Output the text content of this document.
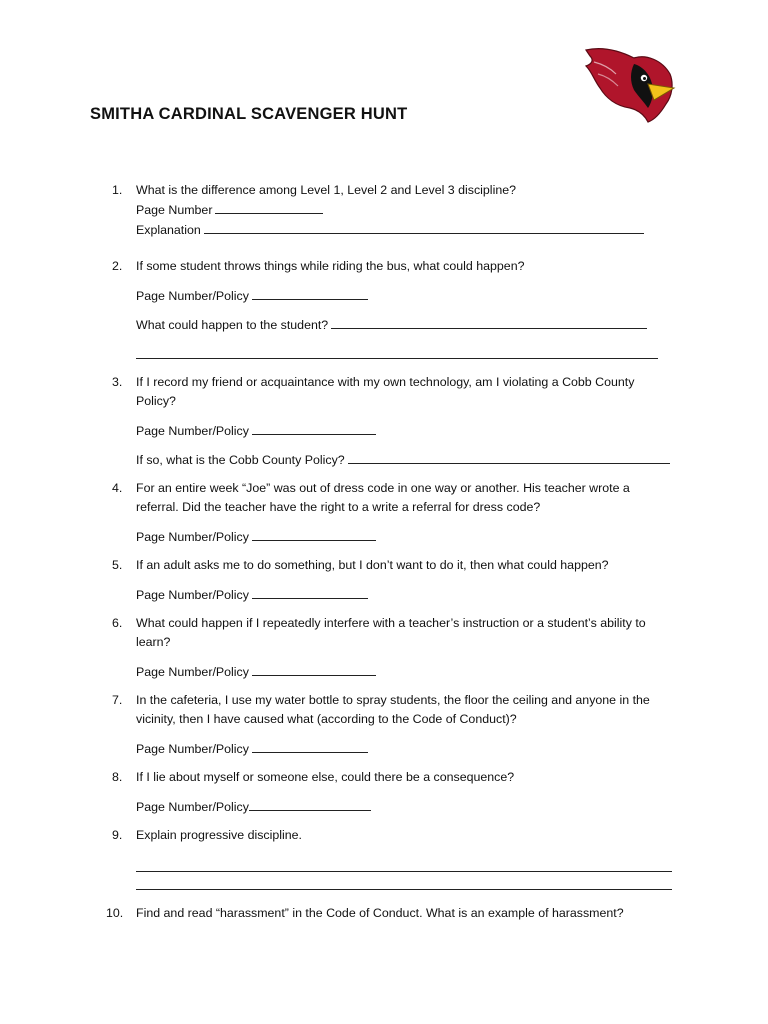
SMITHA CARDINAL SCAVENGER HUNT
1.	What is the difference among Level 1, Level 2 and Level 3 discipline?
Page Number
Explanation
2.	If some student throws things while riding the bus, what could happen?
Page Number/Policy
What could happen to the student?
3.	If I record my friend or acquaintance with my own technology, am I violating a Cobb County
Policy?
Page Number/Policy
If so, what is the Cobb County Policy?
4.	For an entire week “Joe” was out of dress code in one way or another. His teacher wrote a
referral. Did the teacher have the right to a write a referral for dress code?
Page Number/Policy
5.	If an adult asks me to do something, but I don’t want to do it, then what could happen?
Page Number/Policy
6.	What could happen if I repeatedly interfere with a teacher’s instruction or a student’s ability to
learn?
Page Number/Policy
7.	In the cafeteria, I use my water bottle to spray students, the floor the ceiling and anyone in the
vicinity, then I have caused what (according to the Code of Conduct)?
Page Number/Policy
8.	If I lie about myself or someone else, could there be a consequence?
Page Number/Policy
9.	Explain progressive discipline.
10.	Find and read “harassment” in the Code of Conduct. What is an example of harassment?
